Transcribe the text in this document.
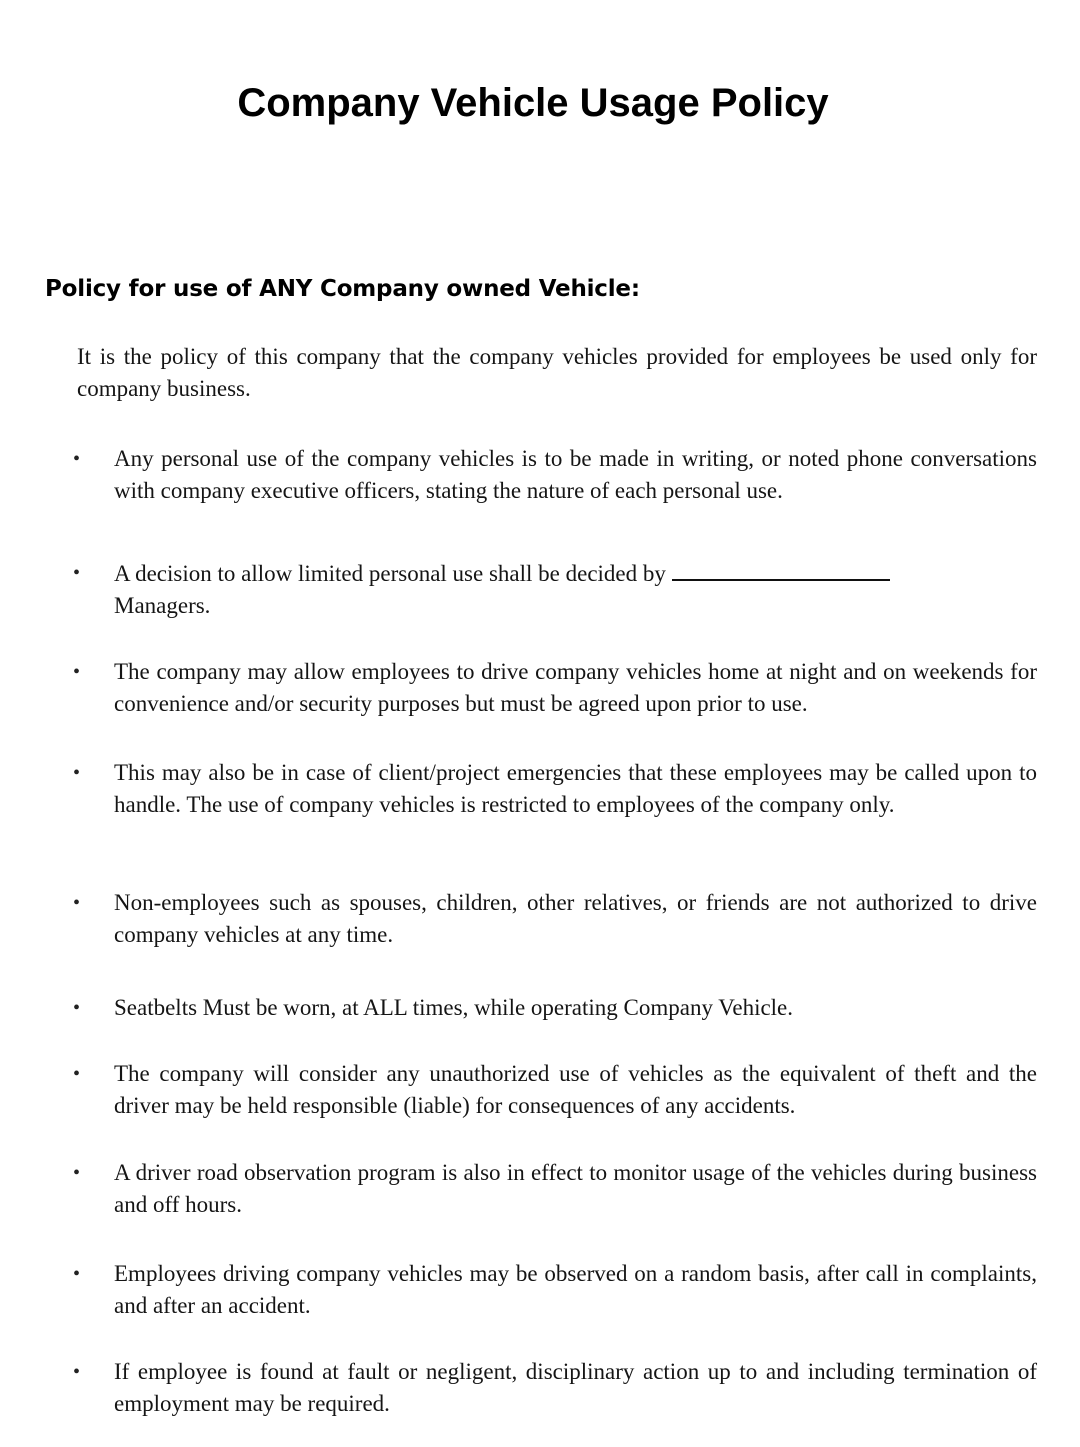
Company Vehicle Usage Policy
Policy for use of ANY Company owned Vehicle:

It is the policy of this company that the company vehicles provided for employees be used only for company business.

•	Any personal use of the company vehicles is to be made in writing, or noted phone conversations with company executive officers, stating the nature of each personal use.

•	A decision to allow limited personal use shall be decided by
Managers.

•	The company may allow employees to drive company vehicles home at night and on weekends for convenience and/or security purposes but must be agreed upon prior to use.

•	This may also be in case of client/project emergencies that these employees may be called upon to handle. The use of company vehicles is restricted to employees of the company only.

•	Non-employees such as spouses, children, other relatives, or friends are not authorized to drive company vehicles at any time.

•	Seatbelts Must be worn, at ALL times, while operating Company Vehicle.

•	The company will consider any unauthorized use of vehicles as the equivalent of theft and the driver may be held responsible (liable) for consequences of any accidents.

•	A driver road observation program is also in effect to monitor usage of the vehicles during business and off hours.

•	Employees driving company vehicles may be observed on a random basis, after call in complaints, and after an accident.

•	If employee is found at fault or negligent, disciplinary action up to and including termination of employment may be required.
